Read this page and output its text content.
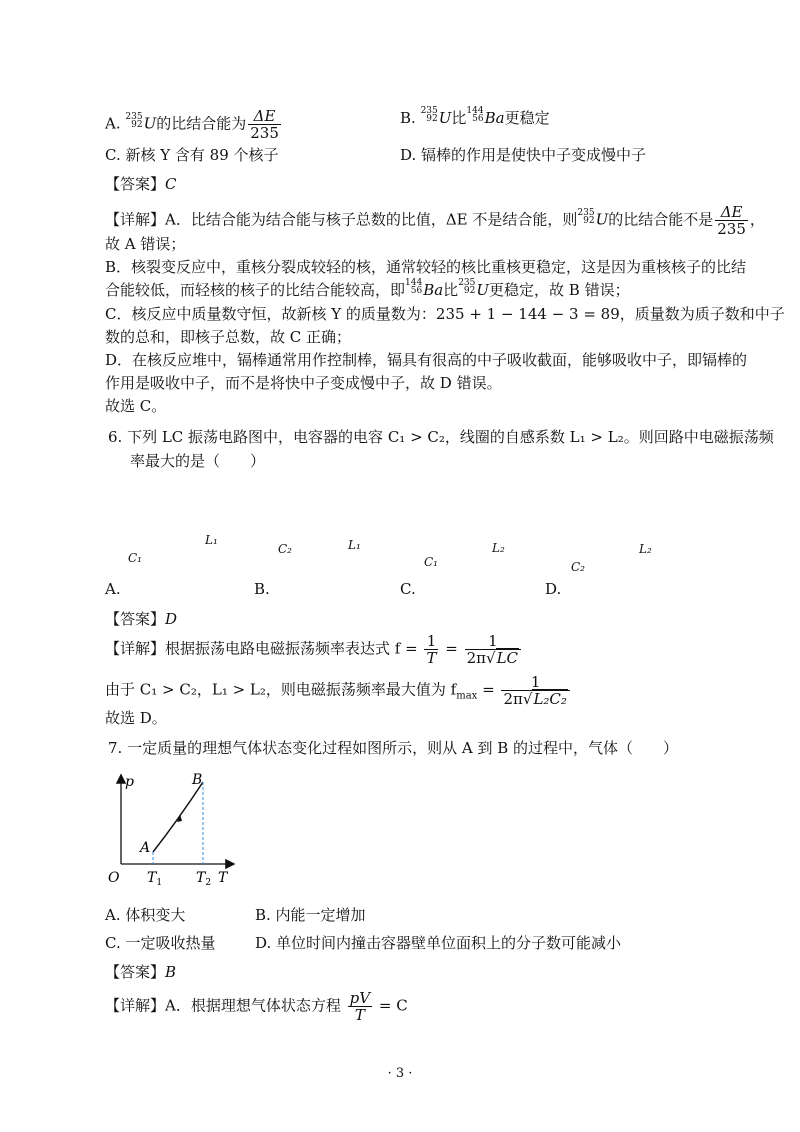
A. 235
92 U的比结合能为 $\frac{\Delta E}{235}$	B. 235
92 U比 144
56 Ba更稳定
C. 新核 Y 含有 89 个核子	D. 镉棒的作用是使快中子变成慢中子
【答案】C
【详解】A．比结合能为结合能与核子总数的比值，ΔE 不是结合能，则 235
92 U的比结合能不是 $\frac{\Delta E}{235}$ ，
故 A 错误；
B．核裂变反应中，重核分裂成较轻的核，通常较轻的核比重核更稳定，这是因为重核核子的比结
合能较低，而轻核的核子的比结合能较高，即 144
56 Ba比 235
92 U更稳定，故 B 错误；
C．核反应中质量数守恒，故新核 Y 的质量数为：235 + 1 − 144 − 3 = 89，质量数为质子数和中子
数的总和，即核子总数，故 C 正确；
D．在核反应堆中，镉棒通常用作控制棒，镉具有很高的中子吸收截面，能够吸收中子，即镉棒的
作用是吸收中子，而不是将快中子变成慢中子，故 D 错误。
故选 C。
6. 下列 LC 振荡电路图中，电容器的电容 C₁ > C₂，线圈的自感系数 L₁ > L₂。则回路中电磁振荡频
率最大的是（　　）
C₁
L₁
C₂	L₁
C₁
L₂
C₂
L₂
A.	B.	C.	D.
【答案】D
【详解】根据振荡电路电磁振荡频率表达式 $f = \frac{1}{T} = \frac{1}{2\pi√LC}$
由于 C₁ > C₂，L₁ > L₂，则电磁振荡频率最大值为 $f_{max} = \frac{1}{\text{2π√L₂C₂}}$
故选 D。
7. 一定质量的理想气体状态变化过程如图所示，则从 A 到 B 的过程中，气体（　　）
p
T
O
A
B
$T_1$ $T_2$
A. 体积变大	B. 内能一定增加
C. 一定吸收热量	D. 单位时间内撞击容器壁单位面积上的分子数可能减小
【答案】B
【详解】A．根据理想气体状态方程 $\frac{pV}{T} = C$
· 3 ·
